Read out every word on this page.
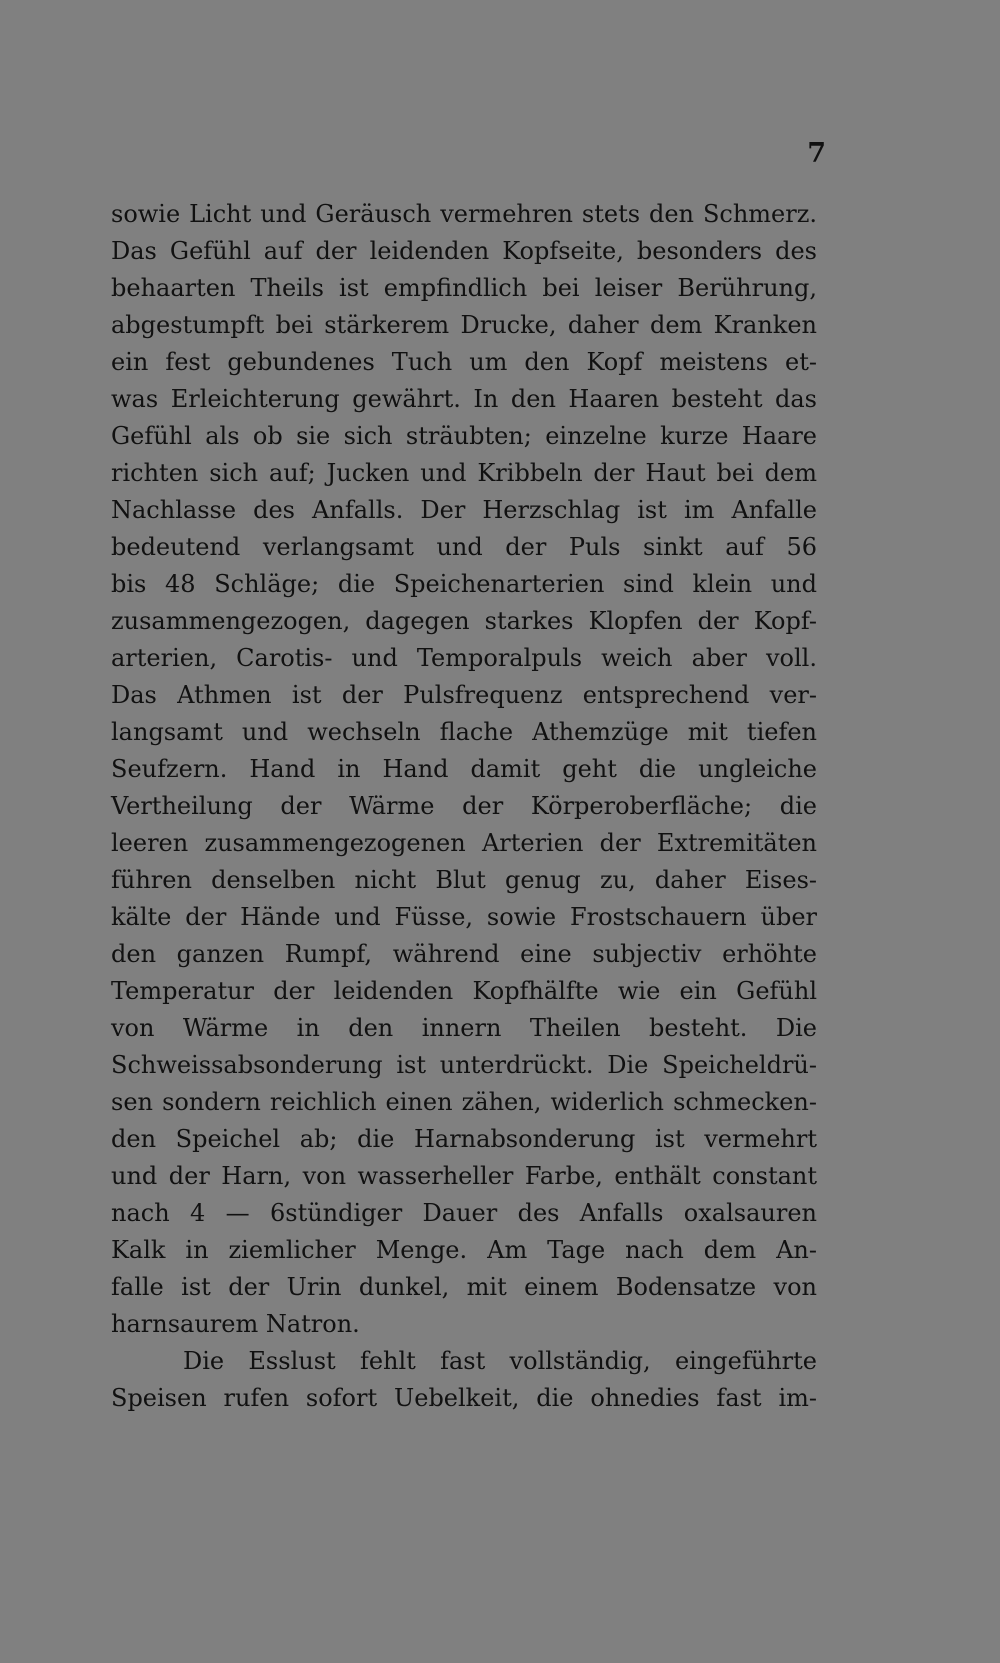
7
sowie Licht und Geräusch vermehren stets den Schmerz.
Das Gefühl auf der leidenden Kopfseite, besonders des
behaarten Theils ist empfindlich bei leiser Berührung,
abgestumpft bei stärkerem Drucke, daher dem Kranken
ein fest gebundenes Tuch um den Kopf meistens et-
was Erleichterung gewährt. In den Haaren besteht das
Gefühl als ob sie sich sträubten; einzelne kurze Haare
richten sich auf; Jucken und Kribbeln der Haut bei dem
Nachlasse des Anfalls. Der Herzschlag ist im Anfalle
bedeutend verlangsamt und der Puls sinkt auf 56
bis 48 Schläge; die Speichenarterien sind klein und
zusammengezogen, dagegen starkes Klopfen der Kopf-
arterien, Carotis- und Temporalpuls weich aber voll.
Das Athmen ist der Pulsfrequenz entsprechend ver-
langsamt und wechseln flache Athemzüge mit tiefen
Seufzern. Hand in Hand damit geht die ungleiche
Vertheilung der Wärme der Körperoberfläche; die
leeren zusammengezogenen Arterien der Extremitäten
führen denselben nicht Blut genug zu, daher Eises-
kälte der Hände und Füsse, sowie Frostschauern über
den ganzen Rumpf, während eine subjectiv erhöhte
Temperatur der leidenden Kopfhälfte wie ein Gefühl
von Wärme in den innern Theilen besteht. Die
Schweissabsonderung ist unterdrückt. Die Speicheldrü-
sen sondern reichlich einen zähen, widerlich schmecken-
den Speichel ab; die Harnabsonderung ist vermehrt
und der Harn, von wasserheller Farbe, enthält constant
nach 4 — 6stündiger Dauer des Anfalls oxalsauren
Kalk in ziemlicher Menge. Am Tage nach dem An-
falle ist der Urin dunkel, mit einem Bodensatze von
harnsaurem Natron.
Die Esslust fehlt fast vollständig, eingeführte
Speisen rufen sofort Uebelkeit, die ohnedies fast im-
